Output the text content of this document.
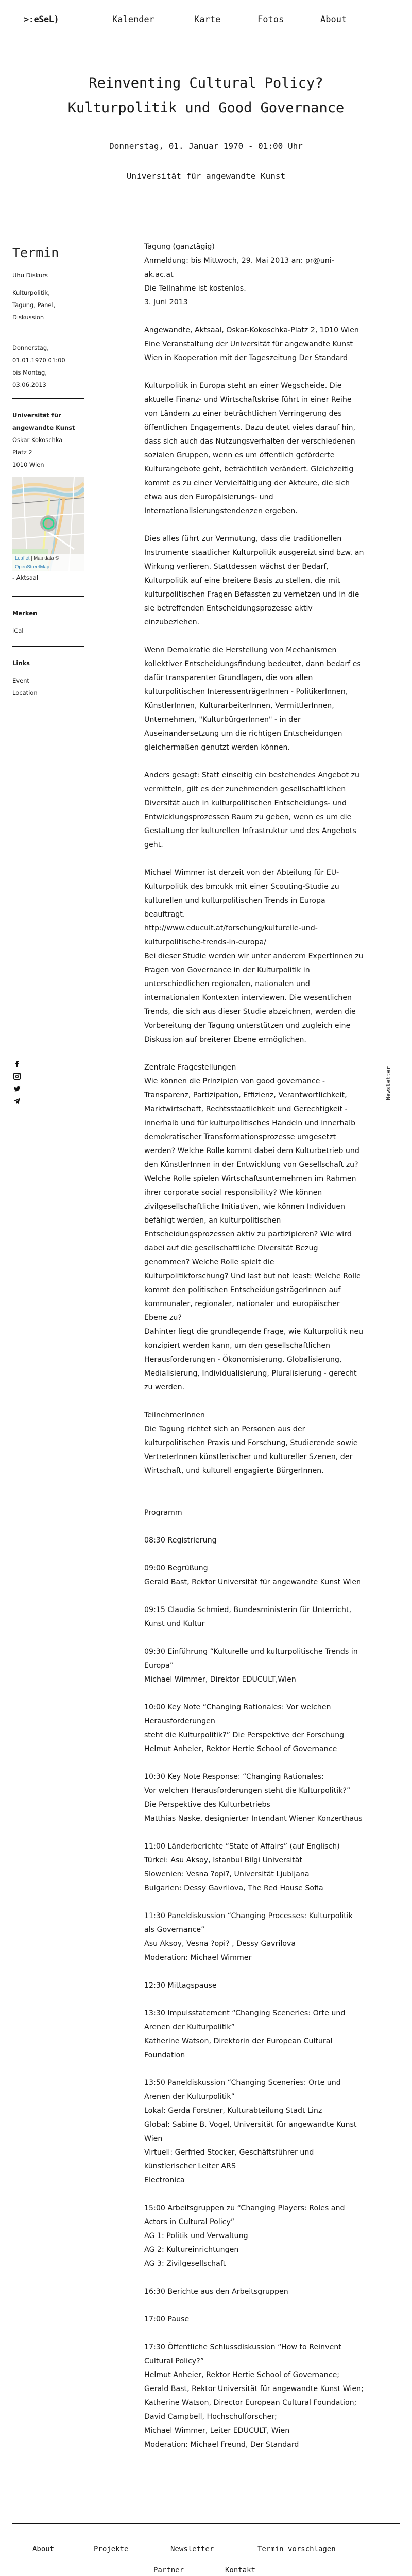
>:eSeL)	Kalender	Karte	Fotos	About
Reinventing Cultural Policy?
Kulturpolitik und Good Governance
Donnerstag, 01. Januar 1970 - 01:00 Uhr
Universität für angewandte Kunst
Termin

Uhu Diskurs

Kulturpolitik,
Tagung, Panel,
Diskussion

Donnerstag,
01.01.1970 01:00
bis Montag,
03.06.2013

Universität für
angewandte Kunst
Oskar Kokoschka
Platz 2
1010 Wien
Leaflet | Map data ©
OpenStreetMap
- Aktsaal

Merken

iCal

Links

Event
Location
Newsletter

Tagung (ganztägig)
Anmeldung: bis Mittwoch, 29. Mai 2013 an: pr@uni-
ak.ac.at
Die Teilnahme ist kostenlos.
3. Juni 2013

Angewandte, Aktsaal, Oskar-Kokoschka-Platz 2, 1010 Wien
Eine Veranstaltung der Universität für angewandte Kunst
Wien in Kooperation mit der Tageszeitung Der Standard

Kulturpolitik in Europa steht an einer Wegscheide. Die
aktuelle Finanz- und Wirtschaftskrise führt in einer Reihe
von Ländern zu einer beträchtlichen Verringerung des
öffentlichen Engagements. Dazu deutet vieles darauf hin,
dass sich auch das Nutzungsverhalten der verschiedenen
sozialen Gruppen, wenn es um öffentlich geförderte
Kulturangebote geht, beträchtlich verändert. Gleichzeitig
kommt es zu einer Vervielfältigung der Akteure, die sich
etwa aus den Europäisierungs- und
Internationalisierungstendenzen ergeben.

Dies alles führt zur Vermutung, dass die traditionellen
Instrumente staatlicher Kulturpolitik ausgereizt sind bzw. an
Wirkung verlieren. Stattdessen wächst der Bedarf,
Kulturpolitik auf eine breitere Basis zu stellen, die mit
kulturpolitischen Fragen Befassten zu vernetzen und in die
sie betreffenden Entscheidungsprozesse aktiv
einzubeziehen.

Wenn Demokratie die Herstellung von Mechanismen
kollektiver Entscheidungsfindung bedeutet, dann bedarf es
dafür transparenter Grundlagen, die von allen
kulturpolitischen InteressenträgerInnen - PolitikerInnen,
KünstlerInnen, KulturarbeiterInnen, VermittlerInnen,
Unternehmen, "KulturbürgerInnen" - in der
Auseinandersetzung um die richtigen Entscheidungen
gleichermaßen genutzt werden können.

Anders gesagt: Statt einseitig ein bestehendes Angebot zu
vermitteln, gilt es der zunehmenden gesellschaftlichen
Diversität auch in kulturpolitischen Entscheidungs- und
Entwicklungsprozessen Raum zu geben, wenn es um die
Gestaltung der kulturellen Infrastruktur und des Angebots
geht.

Michael Wimmer ist derzeit von der Abteilung für EU-
Kulturpolitik des bm:ukk mit einer Scouting-Studie zu
kulturellen und kulturpolitischen Trends in Europa
beauftragt.
http://www.educult.at/forschung/kulturelle-und-
kulturpolitische-trends-in-europa/
Bei dieser Studie werden wir unter anderem ExpertInnen zu
Fragen von Governance in der Kulturpolitik in
unterschiedlichen regionalen, nationalen und
internationalen Kontexten interviewen. Die wesentlichen
Trends, die sich aus dieser Studie abzeichnen, werden die
Vorbereitung der Tagung unterstützen und zugleich eine
Diskussion auf breiterer Ebene ermöglichen.

Zentrale Fragestellungen
Wie können die Prinzipien von good governance -
Transparenz, Partizipation, Effizienz, Verantwortlichkeit,
Marktwirtschaft, Rechtsstaatlichkeit und Gerechtigkeit -
innerhalb und für kulturpolitisches Handeln und innerhalb
demokratischer Transformationsprozesse umgesetzt
werden? Welche Rolle kommt dabei dem Kulturbetrieb und
den KünstlerInnen in der Entwicklung von Gesellschaft zu?
Welche Rolle spielen Wirtschaftsunternehmen im Rahmen
ihrer corporate social responsibility? Wie können
zivilgesellschaftliche Initiativen, wie können Individuen
befähigt werden, an kulturpolitischen
Entscheidungsprozessen aktiv zu partizipieren? Wie wird
dabei auf die gesellschaftliche Diversität Bezug
genommen? Welche Rolle spielt die
Kulturpolitikforschung? Und last but not least: Welche Rolle
kommt den politischen EntscheidungsträgerInnen auf
kommunaler, regionaler, nationaler und europäischer
Ebene zu?
Dahinter liegt die grundlegende Frage, wie Kulturpolitik neu
konzipiert werden kann, um den gesellschaftlichen
Herausforderungen - Ökonomisierung, Globalisierung,
Medialisierung, Individualisierung, Pluralisierung - gerecht
zu werden.

TeilnehmerInnen
Die Tagung richtet sich an Personen aus der
kulturpolitischen Praxis und Forschung, Studierende sowie
VertreterInnen künstlerischer und kultureller Szenen, der
Wirtschaft, und kulturell engagierte BürgerInnen.

Programm

08:30 Registrierung

09:00 Begrüßung
Gerald Bast, Rektor Universität für angewandte Kunst Wien

09:15 Claudia Schmied, Bundesministerin für Unterricht,
Kunst und Kultur

09:30 Einführung “Kulturelle und kulturpolitische Trends in
Europa”
Michael Wimmer, Direktor EDUCULT,Wien

10:00 Key Note “Changing Rationales: Vor welchen
Herausforderungen
steht die Kulturpolitik?” Die Perspektive der Forschung
Helmut Anheier, Rektor Hertie School of Governance

10:30 Key Note Response: “Changing Rationales:
Vor welchen Herausforderungen steht die Kulturpolitik?”
Die Perspektive des Kulturbetriebs
Matthias Naske, designierter Intendant Wiener Konzerthaus

11:00 Länderberichte “State of Affairs” (auf Englisch)
Türkei: Asu Aksoy, Istanbul Bilgi Universität
Slowenien: Vesna ?opi?, Universität Ljubljana
Bulgarien: Dessy Gavrilova, The Red House Sofia

11:30 Paneldiskussion “Changing Processes: Kulturpolitik
als Governance”
Asu Aksoy, Vesna ?opi? , Dessy Gavrilova
Moderation: Michael Wimmer

12:30 Mittagspause

13:30 Impulsstatement “Changing Sceneries: Orte und
Arenen der Kulturpolitik”
Katherine Watson, Direktorin der European Cultural
Foundation

13:50 Paneldiskussion “Changing Sceneries: Orte und
Arenen der Kulturpolitik”
Lokal: Gerda Forstner, Kulturabteilung Stadt Linz
Global: Sabine B. Vogel, Universität für angewandte Kunst
Wien
Virtuell: Gerfried Stocker, Geschäftsführer und
künstlerischer Leiter ARS
Electronica

15:00 Arbeitsgruppen zu “Changing Players: Roles and
Actors in Cultural Policy”
AG 1: Politik und Verwaltung
AG 2: Kultureinrichtungen
AG 3: Zivilgesellschaft

16:30 Berichte aus den Arbeitsgruppen

17:00 Pause

17:30 Öffentliche Schlussdiskussion “How to Reinvent
Cultural Policy?”
Helmut Anheier, Rektor Hertie School of Governance;
Gerald Bast, Rektor Universität für angewandte Kunst Wien;
Katherine Watson, Director European Cultural Foundation;
David Campbell, Hochschulforscher;
Michael Wimmer, Leiter EDUCULT, Wien
Moderation: Michael Freund, Der Standard

About	Projekte	Newsletter	Termin vorschlagen
Partner	Kontakt
